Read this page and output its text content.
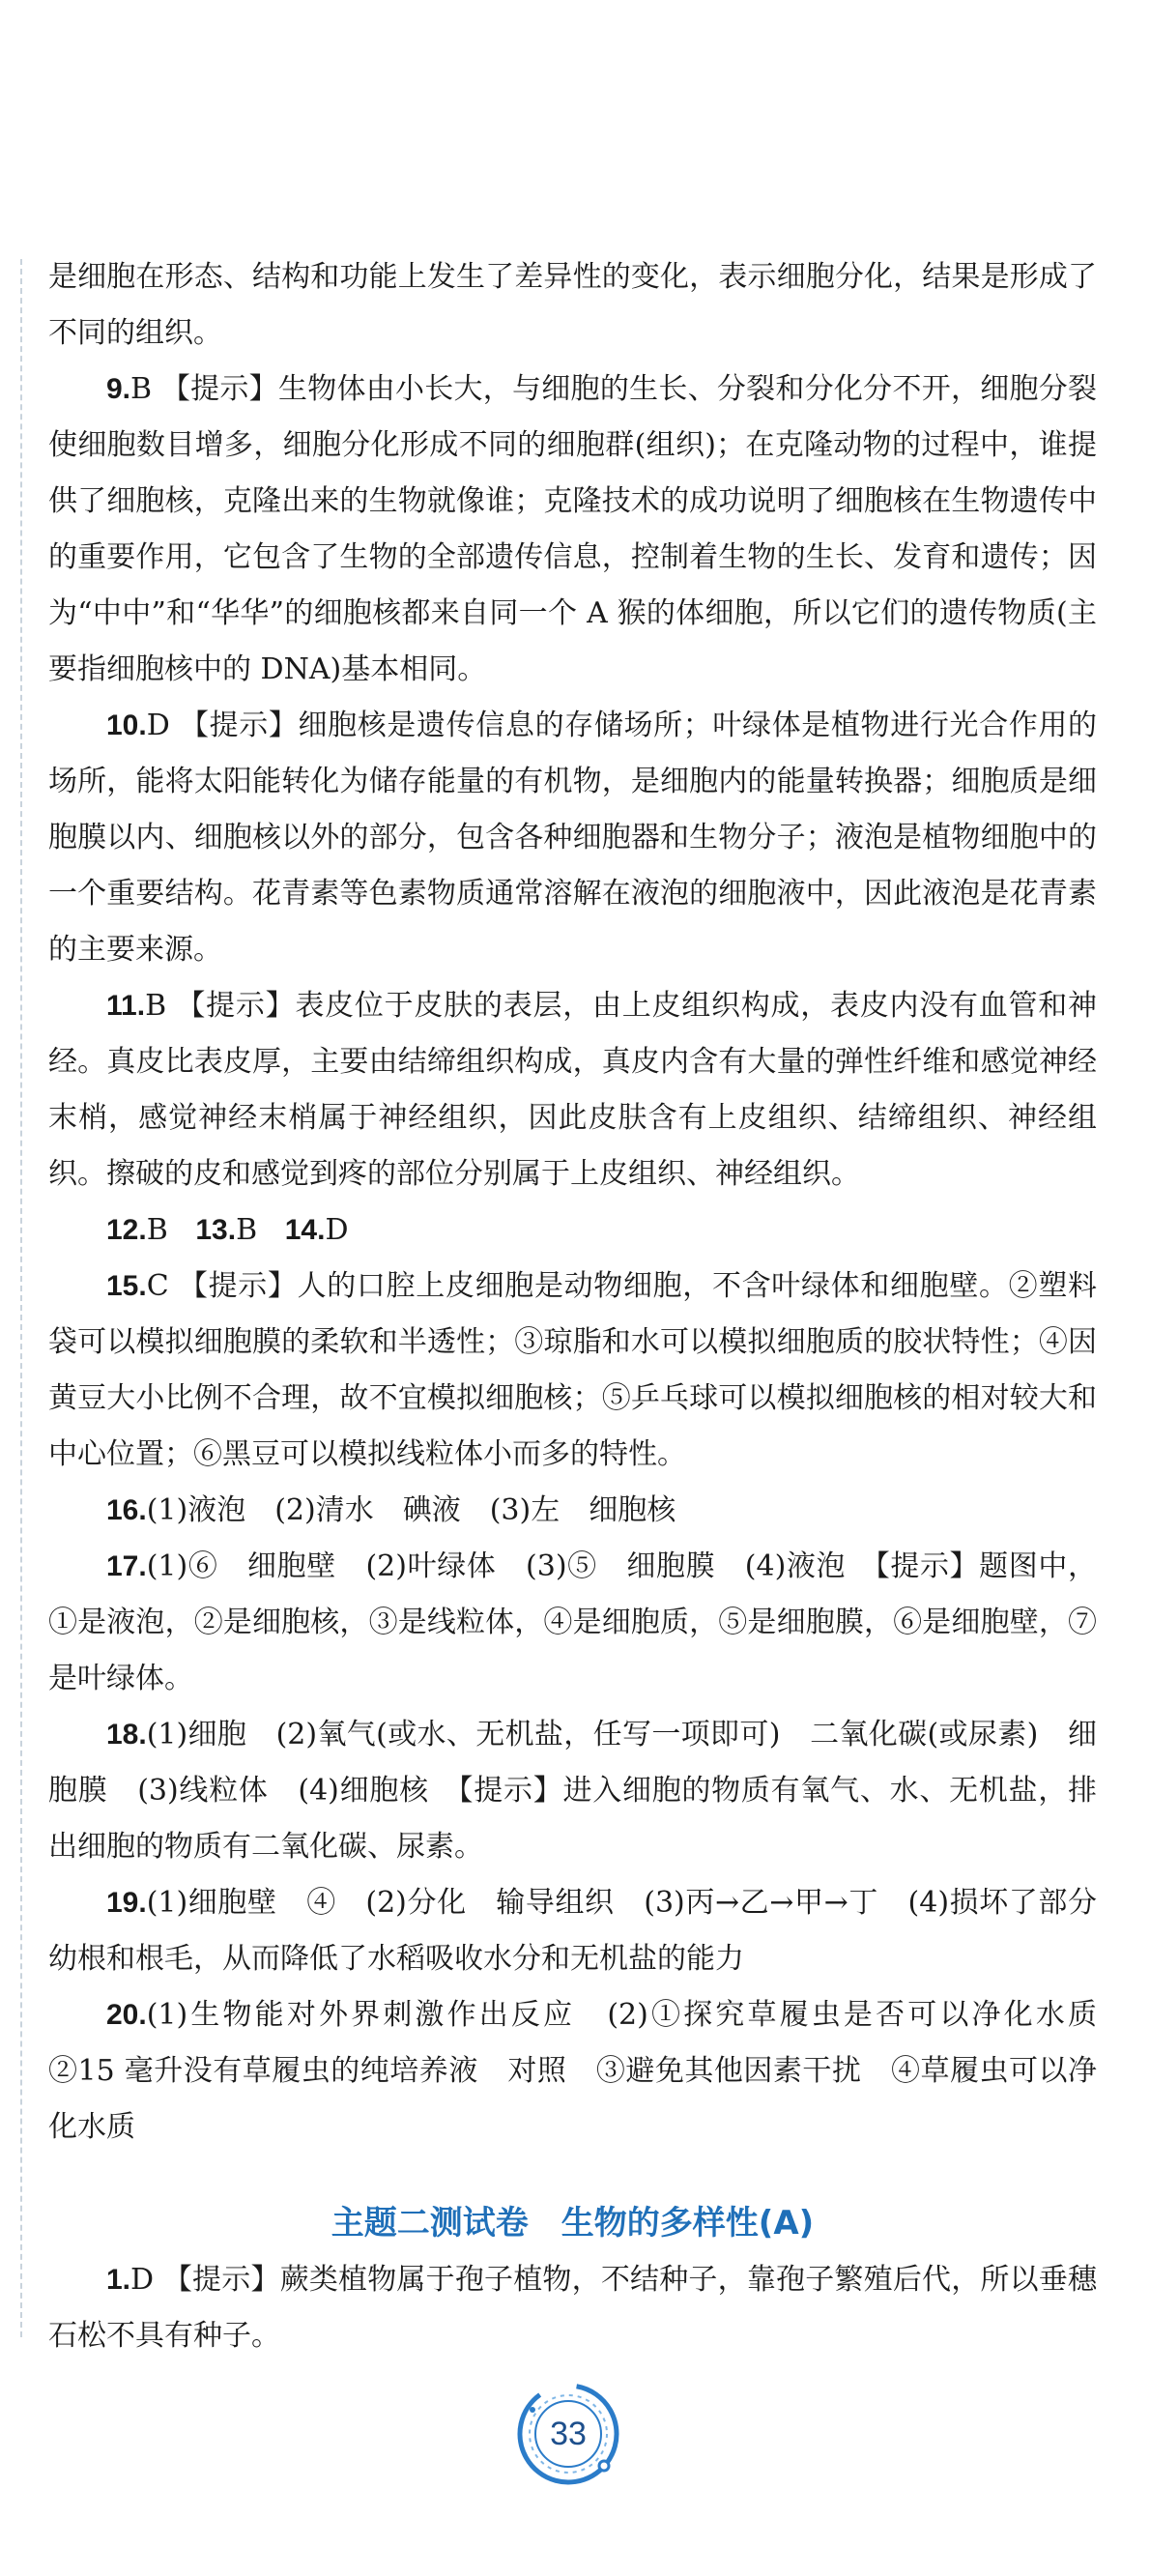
是细胞在形态、结构和功能上发生了差异性的变化，表示细胞分化，结果是形成了不同的组织。

9.B 【提示】生物体由小长大，与细胞的生长、分裂和分化分不开，细胞分裂使细胞数目增多，细胞分化形成不同的细胞群(组织)；在克隆动物的过程中，谁提供了细胞核，克隆出来的生物就像谁；克隆技术的成功说明了细胞核在生物遗传中的重要作用，它包含了生物的全部遗传信息，控制着生物的生长、发育和遗传；因为“中中”和“华华”的细胞核都来自同一个 A 猴的体细胞，所以它们的遗传物质(主要指细胞核中的 DNA)基本相同。

10.D 【提示】细胞核是遗传信息的存储场所；叶绿体是植物进行光合作用的场所，能将太阳能转化为储存能量的有机物，是细胞内的能量转换器；细胞质是细胞膜以内、细胞核以外的部分，包含各种细胞器和生物分子；液泡是植物细胞中的一个重要结构。花青素等色素物质通常溶解在液泡的细胞液中，因此液泡是花青素的主要来源。

11.B 【提示】表皮位于皮肤的表层，由上皮组织构成，表皮内没有血管和神经。真皮比表皮厚，主要由结缔组织构成，真皮内含有大量的弹性纤维和感觉神经末梢，感觉神经末梢属于神经组织，因此皮肤含有上皮组织、结缔组织、神经组织。擦破的皮和感觉到疼的部位分别属于上皮组织、神经组织。

12.B 13.B 14.D

15.C 【提示】人的口腔上皮细胞是动物细胞，不含叶绿体和细胞壁。②塑料袋可以模拟细胞膜的柔软和半透性；③琼脂和水可以模拟细胞质的胶状特性；④因黄豆大小比例不合理，故不宜模拟细胞核；⑤乒乓球可以模拟细胞核的相对较大和中心位置；⑥黑豆可以模拟线粒体小而多的特性。

16.(1)液泡　(2)清水　碘液　(3)左　细胞核

17.(1)⑥　细胞壁　(2)叶绿体　(3)⑤　细胞膜　(4)液泡　【提示】题图中，①是液泡，②是细胞核，③是线粒体，④是细胞质，⑤是细胞膜，⑥是细胞壁，⑦是叶绿体。

18.(1)细胞　(2)氧气(或水、无机盐，任写一项即可)　二氧化碳(或尿素)　细胞膜　(3)线粒体　(4)细胞核　【提示】进入细胞的物质有氧气、水、无机盐，排出细胞的物质有二氧化碳、尿素。

19.(1)细胞壁　④　(2)分化　输导组织　(3)丙→乙→甲→丁　(4)损坏了部分幼根和根毛，从而降低了水稻吸收水分和无机盐的能力

20.(1)生物能对外界刺激作出反应　(2)①探究草履虫是否可以净化水质　②15 毫升没有草履虫的纯培养液　对照　③避免其他因素干扰　④草履虫可以净化水质

主题二测试卷　生物的多样性(A)

1.D 【提示】蕨类植物属于孢子植物，不结种子，靠孢子繁殖后代，所以垂穗石松不具有种子。

33
